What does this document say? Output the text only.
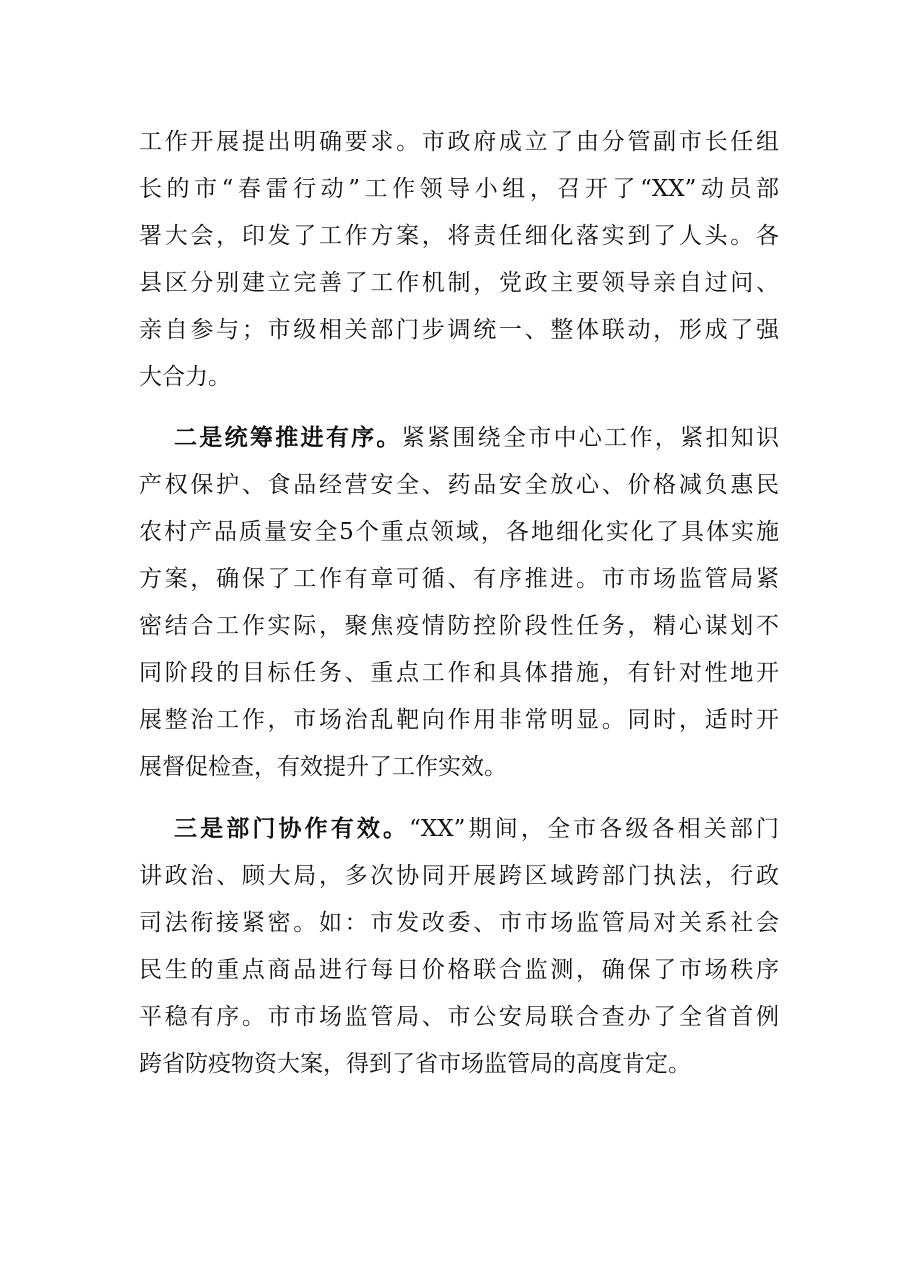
工作开展提出明确要求。市政府成立了由分管副市长任组
长的市“春雷行动”工作领导小组，召开了“XX”动员部
署大会，印发了工作方案，将责任细化落实到了人头。各
县区分别建立完善了工作机制，党政主要领导亲自过问、
亲自参与；市级相关部门步调统一、整体联动，形成了强
大合力。
二是统筹推进有序。紧紧围绕全市中心工作，紧扣知识
产权保护、食品经营安全、药品安全放心、价格减负惠民
农村产品质量安全5个重点领域，各地细化实化了具体实施
方案，确保了工作有章可循、有序推进。市市场监管局紧
密结合工作实际，聚焦疫情防控阶段性任务，精心谋划不
同阶段的目标任务、重点工作和具体措施，有针对性地开
展整治工作，市场治乱靶向作用非常明显。同时，适时开
展督促检查，有效提升了工作实效。
三是部门协作有效。“XX”期间，全市各级各相关部门
讲政治、顾大局，多次协同开展跨区域跨部门执法，行政
司法衔接紧密。如：市发改委、市市场监管局对关系社会
民生的重点商品进行每日价格联合监测，确保了市场秩序
平稳有序。市市场监管局、市公安局联合查办了全省首例
跨省防疫物资大案，得到了省市场监管局的高度肯定。
